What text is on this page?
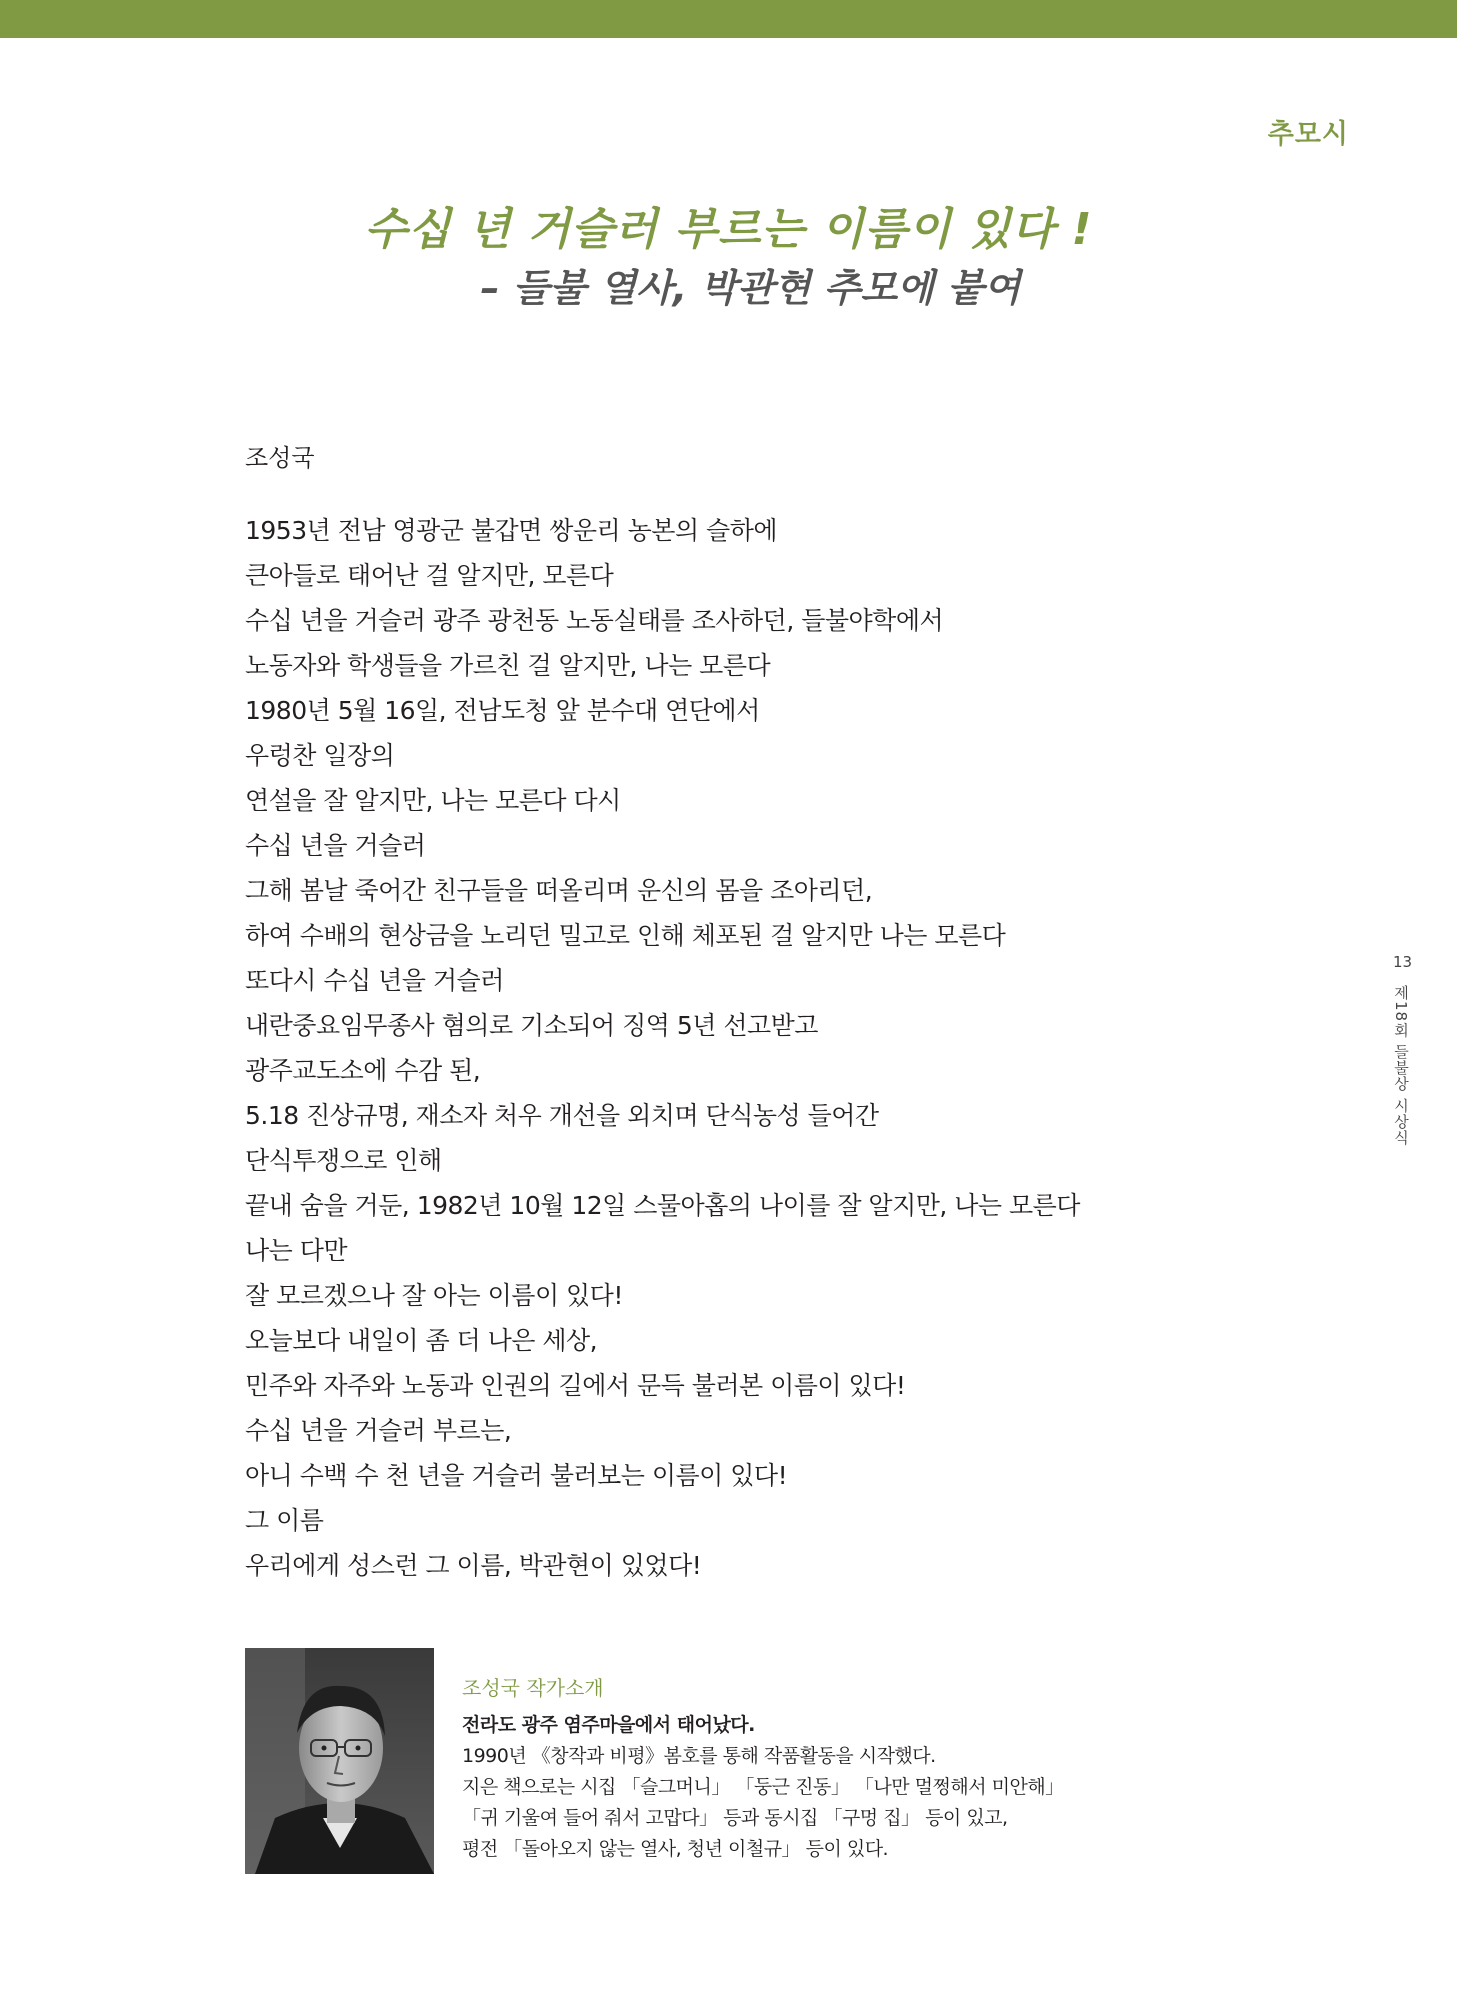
추모시
수십 년 거슬러 부르는 이름이 있다 !
– 들불 열사, 박관현 추모에 붙여
조성국
1953년 전남 영광군 불갑면 쌍운리 농본의 슬하에
큰아들로 태어난 걸 알지만, 모른다
수십 년을 거슬러 광주 광천동 노동실태를 조사하던, 들불야학에서
노동자와 학생들을 가르친 걸 알지만, 나는 모른다
1980년 5월 16일, 전남도청 앞 분수대 연단에서
우렁찬 일장의
연설을 잘 알지만, 나는 모른다 다시
수십 년을 거슬러
그해 봄날 죽어간 친구들을 떠올리며 운신의 몸을 조아리던,
하여 수배의 현상금을 노리던 밀고로 인해 체포된 걸 알지만 나는 모른다
또다시 수십 년을 거슬러
내란중요임무종사 혐의로 기소되어 징역 5년 선고받고
광주교도소에 수감 된,
5.18 진상규명, 재소자 처우 개선을 외치며 단식농성 들어간
단식투쟁으로 인해
끝내 숨을 거둔, 1982년 10월 12일 스물아홉의 나이를 잘 알지만, 나는 모른다
나는 다만
잘 모르겠으나 잘 아는 이름이 있다!
오늘보다 내일이 좀 더 나은 세상,
민주와 자주와 노동과 인권의 길에서 문득 불러본 이름이 있다!
수십 년을 거슬러 부르는,
아니 수백 수 천 년을 거슬러 불러보는 이름이 있다!
그 이름
우리에게 성스런 그 이름, 박관현이 있었다!
13
제18회 들불상 시상식
조성국 작가소개
전라도 광주 염주마을에서 태어났다.
1990년 《창작과 비평》봄호를 통해 작품활동을 시작했다.
지은 책으로는 시집 「슬그머니」 「둥근 진동」 「나만 멀쩡해서 미안해」
「귀 기울여 들어 줘서 고맙다」 등과 동시집 「구멍 집」 등이 있고,
평전 「돌아오지 않는 열사, 청년 이철규」 등이 있다.
